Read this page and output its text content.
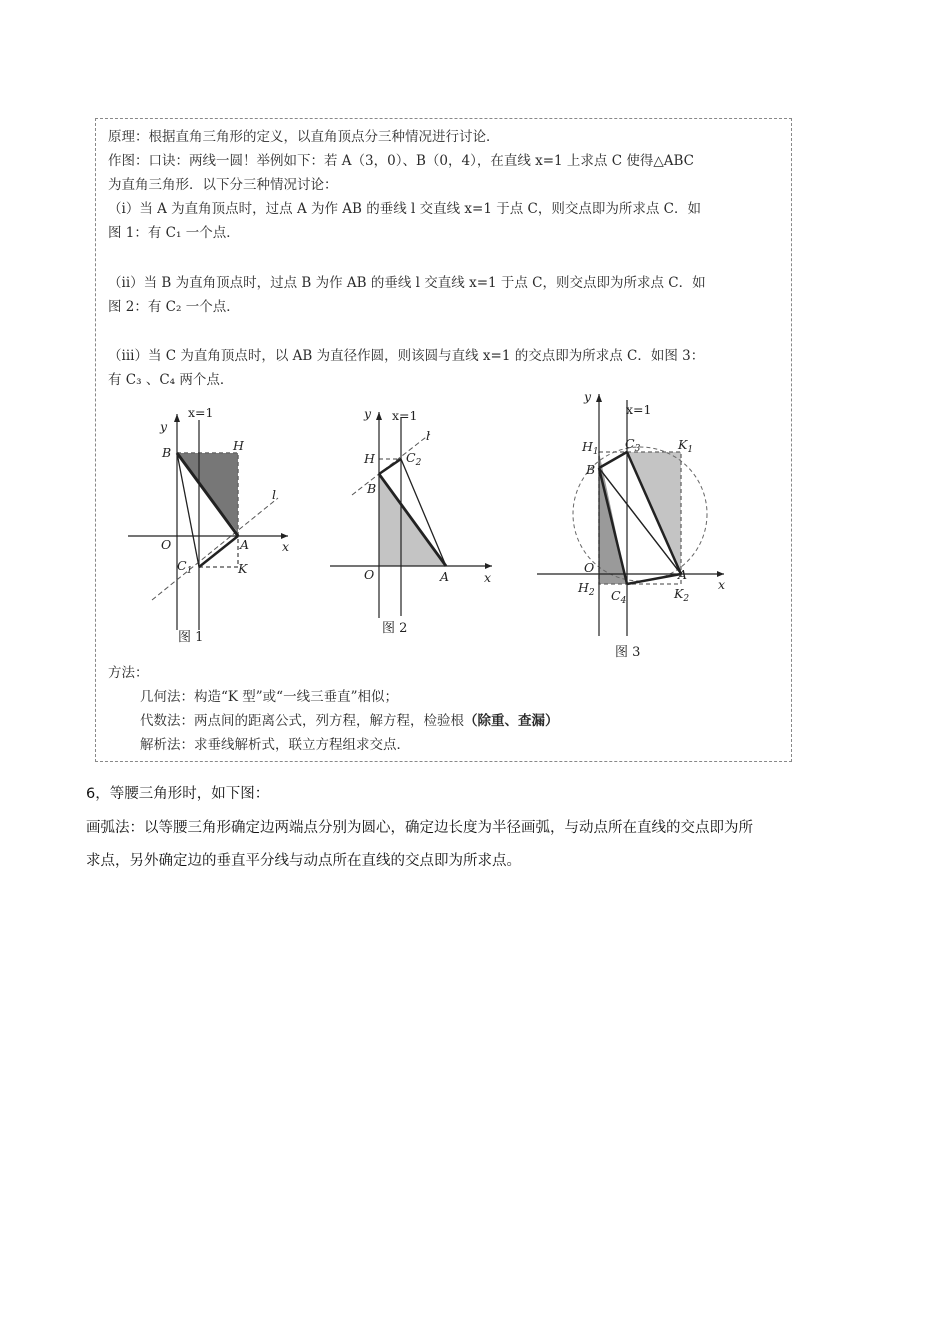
原理：根据直角三角形的定义，以直角顶点分三种情况进行讨论．
作图：口诀：两线一圆！举例如下：若 A（3，0）、B（0，4），在直线 x=1 上求点 C 使得△ABC
为直角三角形．以下分三种情况讨论：
（i）当 A 为直角顶点时，过点 A 为作 AB 的垂线 l 交直线 x=1 于点 C，则交点即为所求点 C．如
图 1：有 C₁ 一个点．
（ii）当 B 为直角顶点时，过点 B 为作 AB 的垂线 l 交直线 x=1 于点 C，则交点即为所求点 C．如
图 2：有 C₂ 一个点．
（iii）当 C 为直角顶点时，以 AB 为直径作圆，则该圆与直线 x=1 的交点即为所求点 C．如图 3：
有 C₃ 、C₄ 两个点．
y
x=1
B	H
O	A	x
$C_1$	K
l
图 1
y x=1
H $C_2$
B
O	A	x
l
图 2
y
x=1
$H_1$
$C_3$	$K_1$
B
O	A
x
$H_2$ $C_4$	$K_2$
图 3
方法：
几何法：构造“K 型”或“一线三垂直”相似；
代数法：两点间的距离公式，列方程，解方程，检验根（除重、查漏）
解析法：求垂线解析式，联立方程组求交点．
6，等腰三角形时，如下图：
画弧法：以等腰三角形确定边两端点分别为圆心，确定边长度为半径画弧，与动点所在直线的交点即为所
求点，另外确定边的垂直平分线与动点所在直线的交点即为所求点。
